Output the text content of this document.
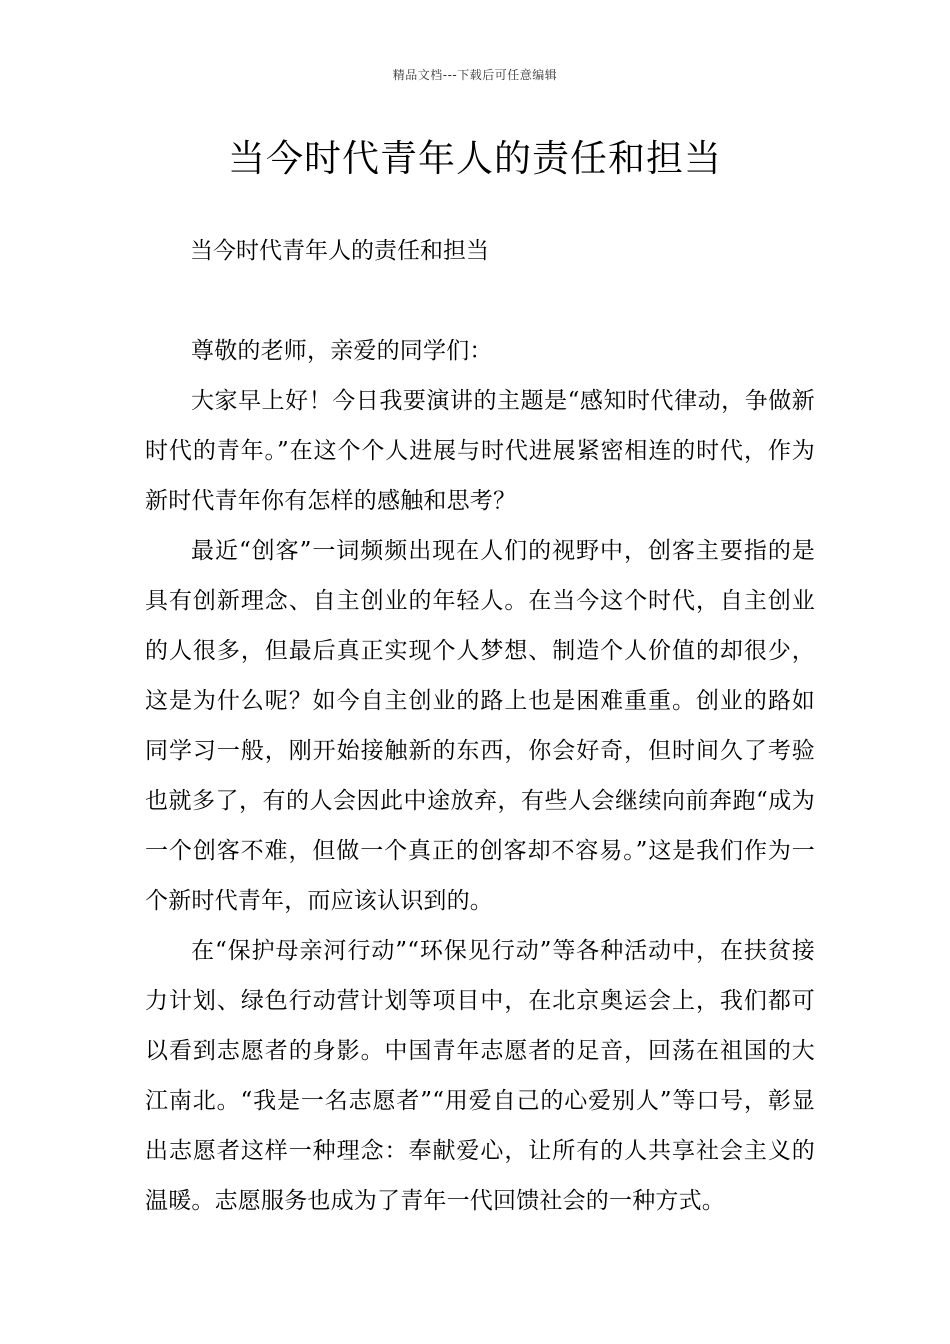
精品文档---下载后可任意编辑
当今时代青年人的责任和担当

当今时代青年人的责任和担当

尊敬的老师，亲爱的同学们：

大家早上好！今日我要演讲的主题是“感知时代律动，争做新时代的青年。”在这个个人进展与时代进展紧密相连的时代，作为新时代青年你有怎样的感触和思考？

最近“创客”一词频频出现在人们的视野中，创客主要指的是具有创新理念、自主创业的年轻人。在当今这个时代，自主创业的人很多，但最后真正实现个人梦想、制造个人价值的却很少，这是为什么呢？如今自主创业的路上也是困难重重。创业的路如同学习一般，刚开始接触新的东西，你会好奇，但时间久了考验也就多了，有的人会因此中途放弃，有些人会继续向前奔跑“成为一个创客不难，但做一个真正的创客却不容易。”这是我们作为一个新时代青年，而应该认识到的。

在“保护母亲河行动”“环保见行动”等各种活动中，在扶贫接力计划、绿色行动营计划等项目中，在北京奥运会上，我们都可以看到志愿者的身影。中国青年志愿者的足音，回荡在祖国的大江南北。“我是一名志愿者”“用爱自己的心爱别人”等口号，彰显出志愿者这样一种理念：奉献爱心，让所有的人共享社会主义的温暖。志愿服务也成为了青年一代回馈社会的一种方式。
